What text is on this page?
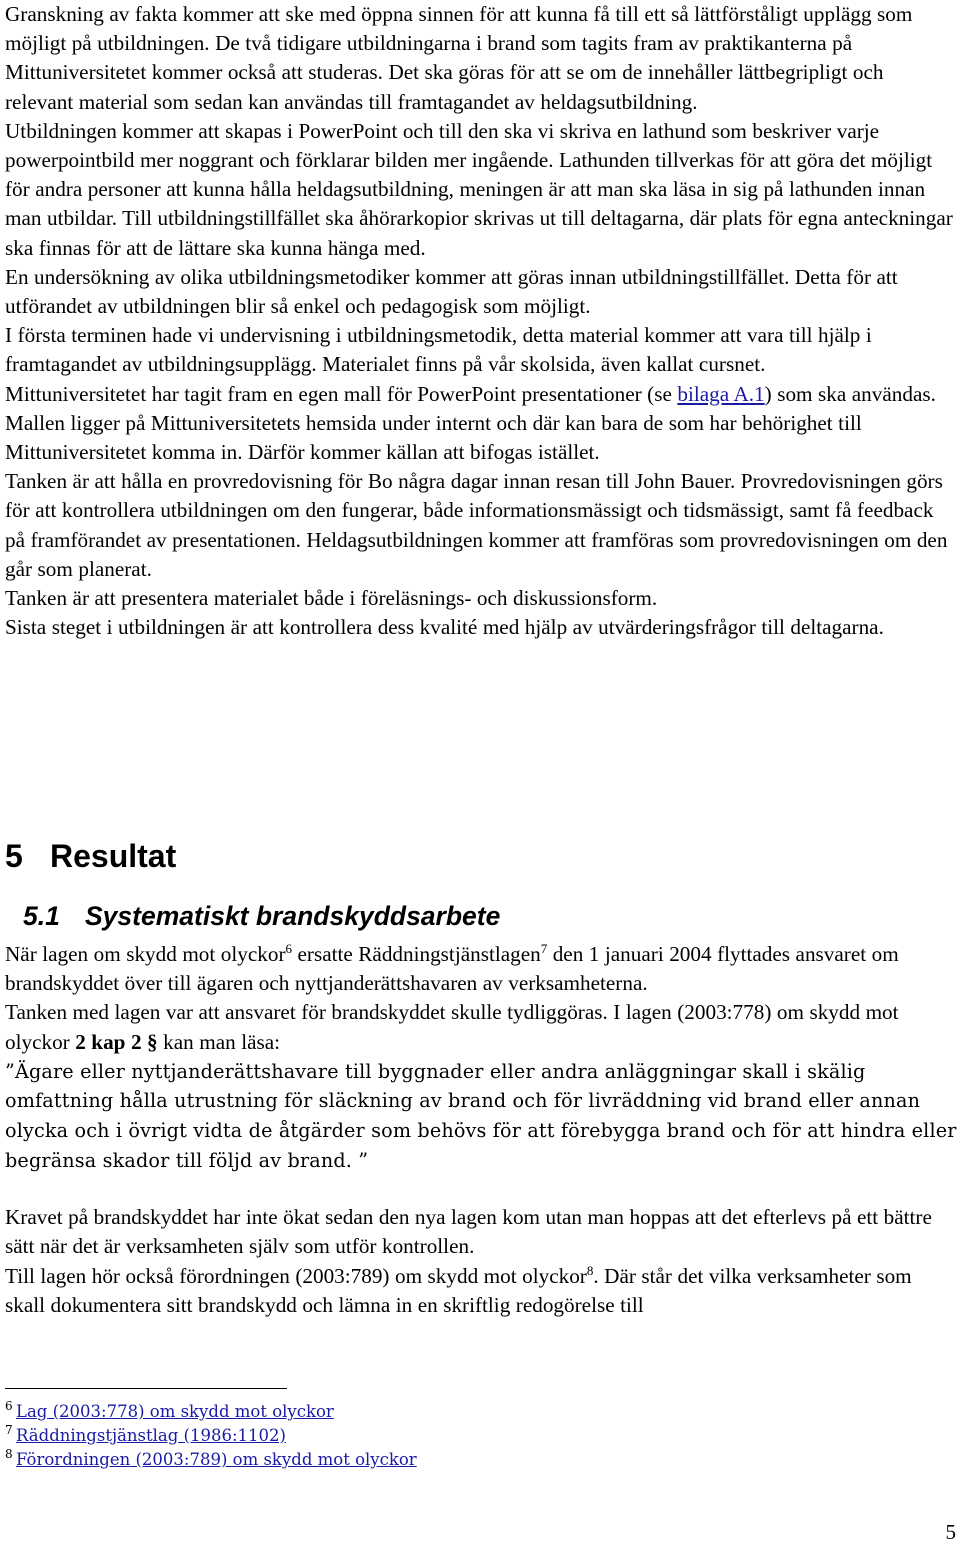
Granskning av fakta kommer att ske med öppna sinnen för att kunna få till ett så lättförståligt upplägg som möjligt på utbildningen. De två tidigare utbildningarna i brand som tagits fram av praktikanterna på Mittuniversitetet kommer också att studeras. Det ska göras för att se om de innehåller lättbegripligt och relevant material som sedan kan användas till framtagandet av heldagsutbildning.

Utbildningen kommer att skapas i PowerPoint och till den ska vi skriva en lathund som beskriver varje powerpointbild mer noggrant och förklarar bilden mer ingående. Lathunden tillverkas för att göra det möjligt för andra personer att kunna hålla heldagsutbildning, meningen är att man ska läsa in sig på lathunden innan man utbildar. Till utbildningstillfället ska åhörarkopior skrivas ut till deltagarna, där plats för egna anteckningar ska finnas för att de lättare ska kunna hänga med.

En undersökning av olika utbildningsmetodiker kommer att göras innan utbildningstillfället. Detta för att utförandet av utbildningen blir så enkel och pedagogisk som möjligt.

I första terminen hade vi undervisning i utbildningsmetodik, detta material kommer att vara till hjälp i framtagandet av utbildningsupplägg. Materialet finns på vår skolsida, även kallat cursnet.

Mittuniversitetet har tagit fram en egen mall för PowerPoint presentationer (se bilaga A.1) som ska användas.

Mallen ligger på Mittuniversitetets hemsida under internt och där kan bara de som har behörighet till Mittuniversitetet komma in. Därför kommer källan att bifogas istället.

Tanken är att hålla en provredovisning för Bo några dagar innan resan till John Bauer. Provredovisningen görs för att kontrollera utbildningen om den fungerar, både informationsmässigt och tidsmässigt, samt få feedback på framförandet av presentationen. Heldagsutbildningen kommer att framföras som provredovisningen om den går som planerat.

Tanken är att presentera materialet både i föreläsnings- och diskussionsform.

Sista steget i utbildningen är att kontrollera dess kvalité med hjälp av utvärderingsfrågor till deltagarna.

5 Resultat
5.1 Systematiskt brandskyddsarbete

När lagen om skydd mot olyckor$^6$ ersatte Räddningstjänstlagen$^7$ den 1 januari 2004 flyttades ansvaret om brandskyddet över till ägaren och nyttjanderättshavaren av verksamheterna.

Tanken med lagen var att ansvaret för brandskyddet skulle tydliggöras. I lagen (2003:778) om skydd mot olyckor 2 kap 2 § kan man läsa:

”Ägare eller nyttjanderättshavare till byggnader eller andra anläggningar skall i skälig omfattning hålla utrustning för släckning av brand och för livräddning vid brand eller annan olycka och i övrigt vidta de åtgärder som behövs för att förebygga brand och för att hindra eller begränsa skador till följd av brand. ”

Kravet på brandskyddet har inte ökat sedan den nya lagen kom utan man hoppas att det efterlevs på ett bättre sätt när det är verksamheten själv som utför kontrollen.

Till lagen hör också förordningen (2003:789) om skydd mot olyckor$^8$. Där står det vilka verksamheter som skall dokumentera sitt brandskydd och lämna in en skriftlig redogörelse till

6 Lag (2003:778) om skydd mot olyckor
7 Räddningstjänstlag (1986:1102)
8 Förordningen (2003:789) om skydd mot olyckor
5
